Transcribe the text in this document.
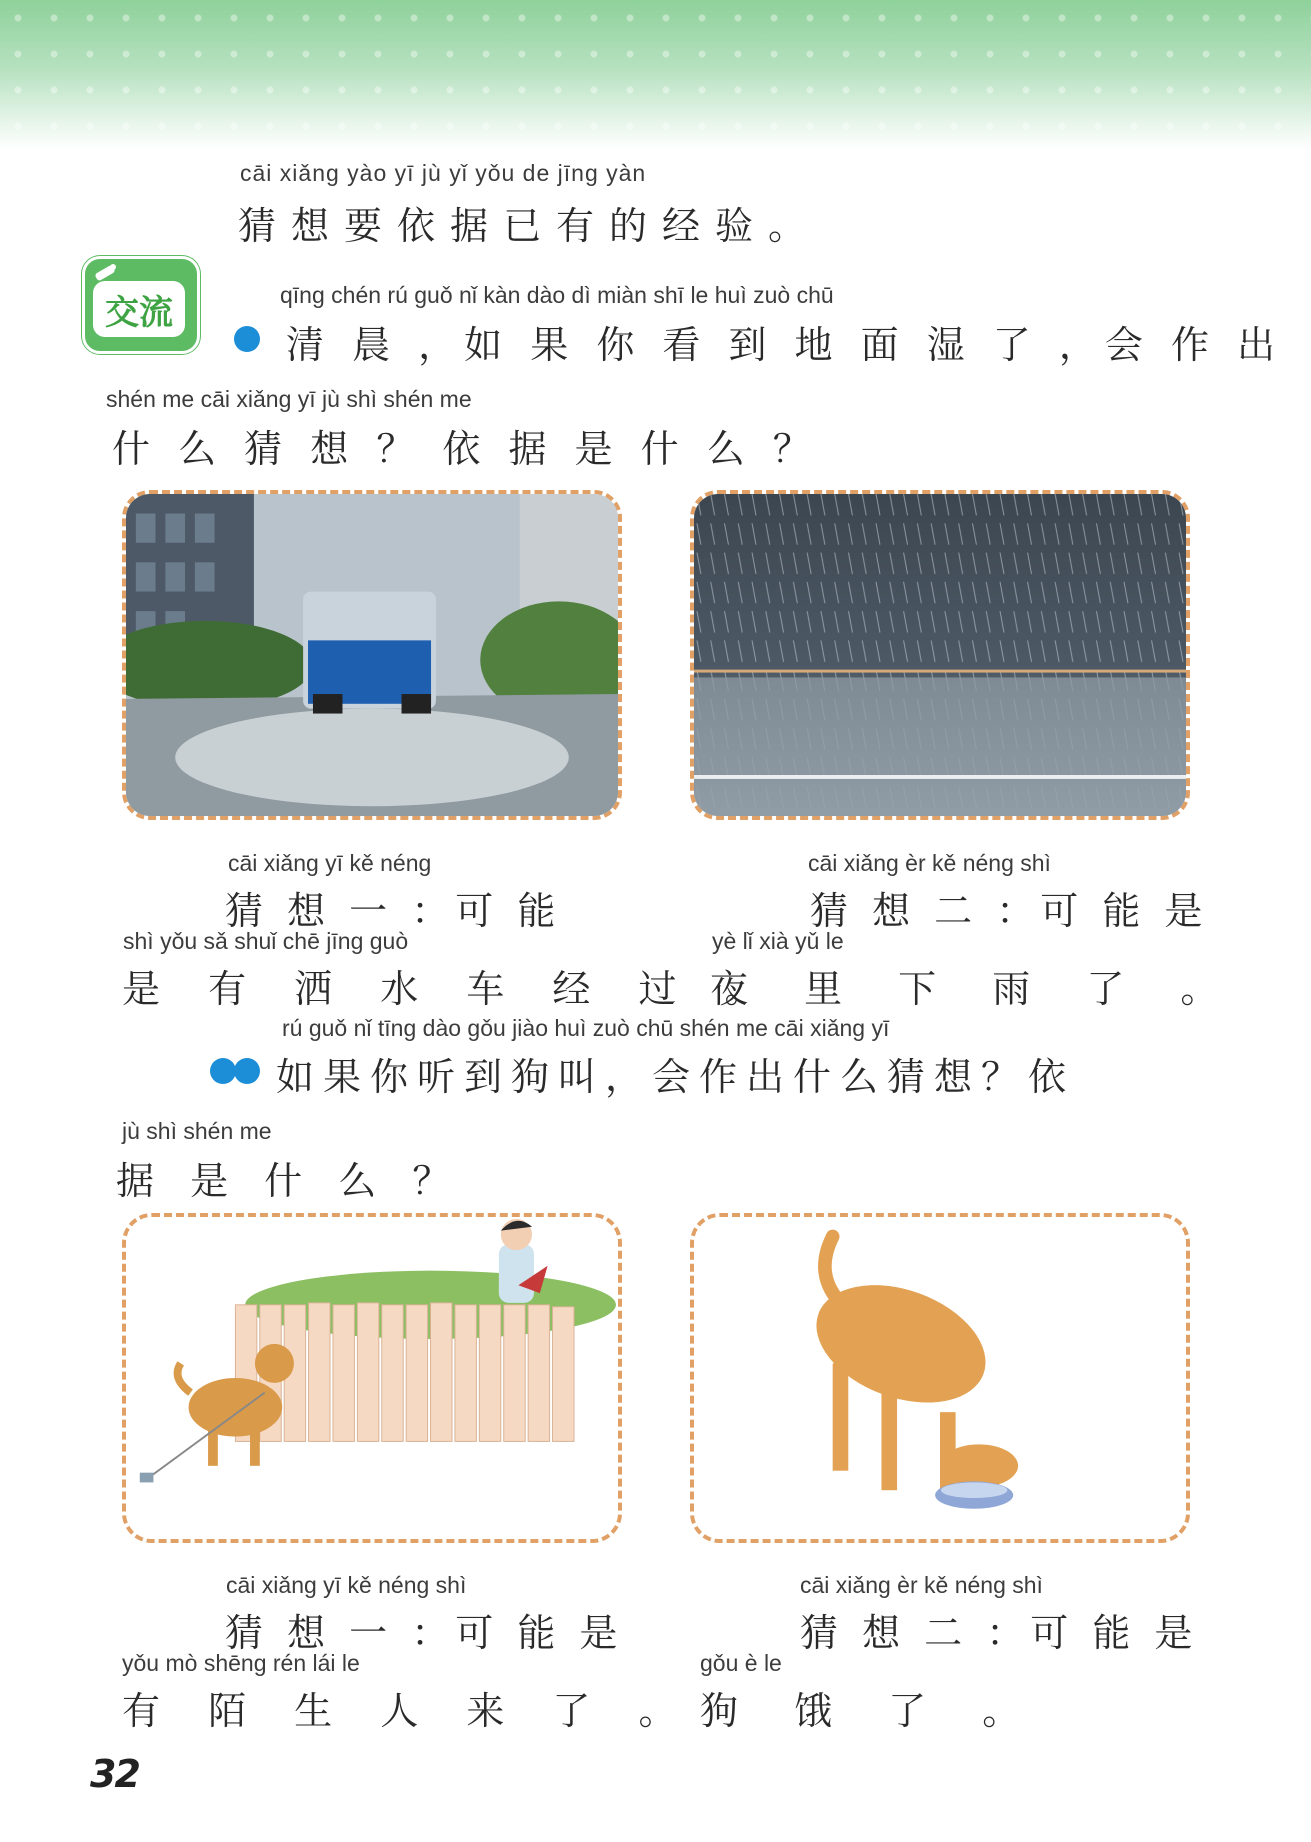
cāi xiǎng yào yī jù yǐ yǒu de jīng yàn
猜想要依据已有的经验。
交流	qīng chén rú guǒ nǐ kàn dào dì miàn shī le huì zuò chū
清 晨 ，如 果 你 看 到 地 面 湿 了 ，会 作 出
shén me cāi xiǎng yī jù shì shén me
什 么 猜 想 ？ 依 据 是 什 么 ？
cāi xiǎng yī kě néng
猜 想 一 ：可 能
shì yǒu sǎ shuǐ chē jīng guò
是 有 洒 水 车 经 过 。
cāi xiǎng èr kě néng shì
猜 想 二 ：可 能 是
yè lǐ xià yǔ le
夜 里 下 雨 了 。
rú guǒ nǐ tīng dào gǒu jiào huì zuò chū shén me cāi xiǎng yī
如果你听到狗叫，会作出什么猜想？依
jù shì shén me
据 是 什 么 ？
cāi xiǎng yī kě néng shì
猜 想 一 ：可 能 是
yǒu mò shēng rén lái le
有 陌 生 人 来 了 。
cāi xiǎng èr kě néng shì
猜 想 二 ：可 能 是
gǒu è le
狗 饿 了 。
32
